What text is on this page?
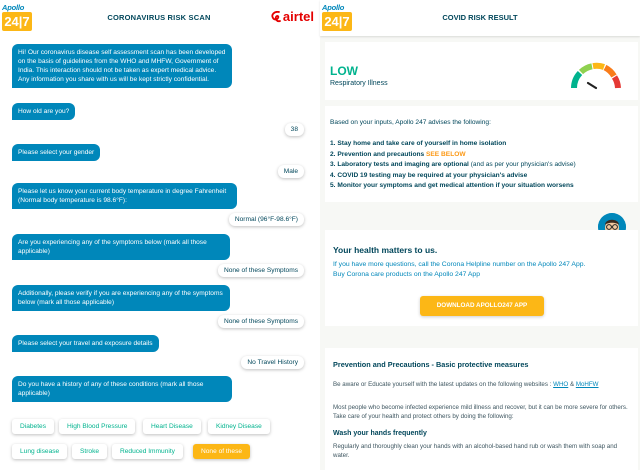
Apollo
24|7	CORONAVIRUS RISK SCAN	airtel
Hi! Our coronavirus disease self assessment scan has been developed on the basis of guidelines from the WHO and MHFW, Government of India. This interaction should not be taken as expert medical advice. Any information you share with us will be kept strictly confidential.
How old are you?
38
Please select your gender
Male
Please let us know your current body temperature in degree Fahrenheit (Normal body temperature is 98.6°F):
Normal (96°F-98.6°F)
Are you experiencing any of the symptoms below (mark all those applicable)
None of these Symptoms
Additionally, please verify if you are experiencing any of the symptoms below (mark all those applicable)
None of these Symptoms
Please select your travel and exposure details
No Travel History
Do you have a history of any of these conditions (mark all those applicable)
Diabetes	High Blood Pressure	Heart Disease	Kidney Disease
Lung disease	Stroke	Reduced Immunity	None of these
Apollo
24|7	COVID RISK RESULT
LOW
Respiratory Illness
Based on your inputs, Apollo 247 advises the following:
1. Stay home and take care of yourself in home isolation
2. Prevention and precautions SEE BELOW
3. Laboratory tests and imaging are optional (and as per your physician's advise)
4. COVID 19 testing may be required at your physician's advise
5. Monitor your symptoms and get medical attention if your situation worsens
Your health matters to us.
If you have more questions, call the Corona Helpline number on the Apollo 247 App.
Buy Corona care products on the Apollo 247 App
DOWNLOAD APOLLO247 APP
Prevention and Precautions - Basic protective measures
Be aware or Educate yourself with the latest updates on the following websites : WHO & MoHFW
Most people who become infected experience mild illness and recover, but it can be more severe for others. Take care of your health and protect others by doing the following:
Wash your hands frequently
Regularly and thoroughly clean your hands with an alcohol-based hand rub or wash them with soap and water.
